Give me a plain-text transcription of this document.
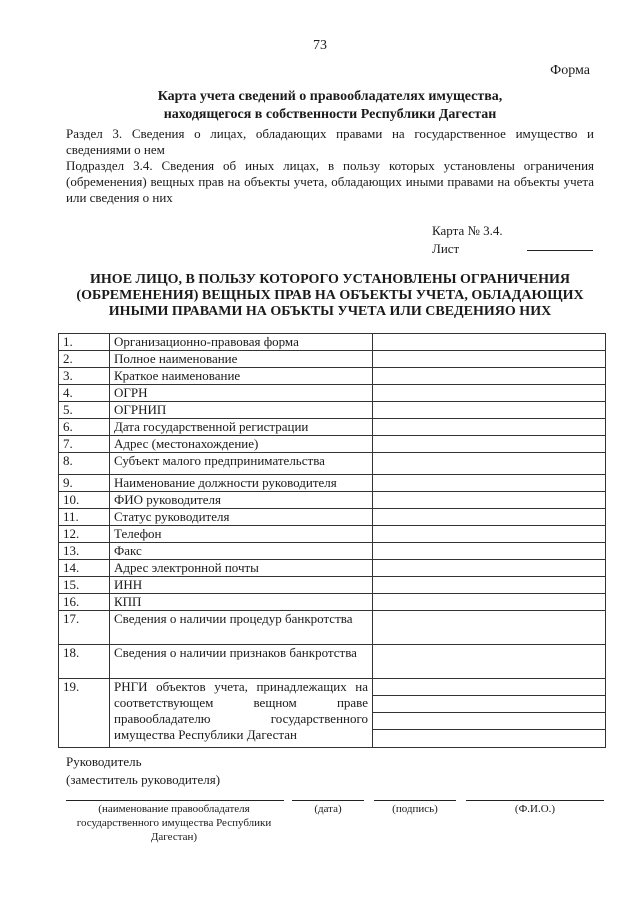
73
Форма
Карта учета сведений о правообладателях имущества,
находящегося в собственности Республики Дагестан
Раздел 3. Сведения о лицах, обладающих правами на государственное имущество и сведениями о нем
Подраздел 3.4. Сведения об иных лицах, в пользу которых установлены ограничения (обременения) вещных прав на объекты учета, обладающих иными правами на объекты учета или сведения о них
Карта № 3.4.
Лист
ИНОЕ ЛИЦО, В ПОЛЬЗУ КОТОРОГО УСТАНОВЛЕНЫ ОГРАНИЧЕНИЯ
(ОБРЕМЕНЕНИЯ) ВЕЩНЫХ ПРАВ НА ОБЪЕКТЫ УЧЕТА, ОБЛАДАЮЩИХ
ИНЫМИ ПРАВАМИ НА ОБЪКТЫ УЧЕТА ИЛИ СВЕДЕНИЯО НИХ
1.	Организационно-правовая форма	
2.	Полное наименование	
3.	Краткое наименование	
4.	ОГРН	
5.	ОГРНИП	
6.	Дата государственной регистрации	
7.	Адрес (местонахождение)	
8.	Субъект малого предпринимательства	
9.	Наименование должности руководителя	
10.	ФИО руководителя	
11.	Статус руководителя	
12.	Телефон	
13.	Факс	
14.	Адрес электронной почты	
15.	ИНН	
16.	КПП	
17.	Сведения о наличии процедур банкротства	
18.	Сведения о наличии признаков банкротства	
19.	РНГИ объектов учета, принадлежащих на соответствующем вещном праве правообладателю государственного имущества Республики Дагестан	
Руководитель
(заместитель руководителя)
(наименование правообладателя государственного имущества Республики Дагестан)
(дата)	(подпись)	(Ф.И.О.)
